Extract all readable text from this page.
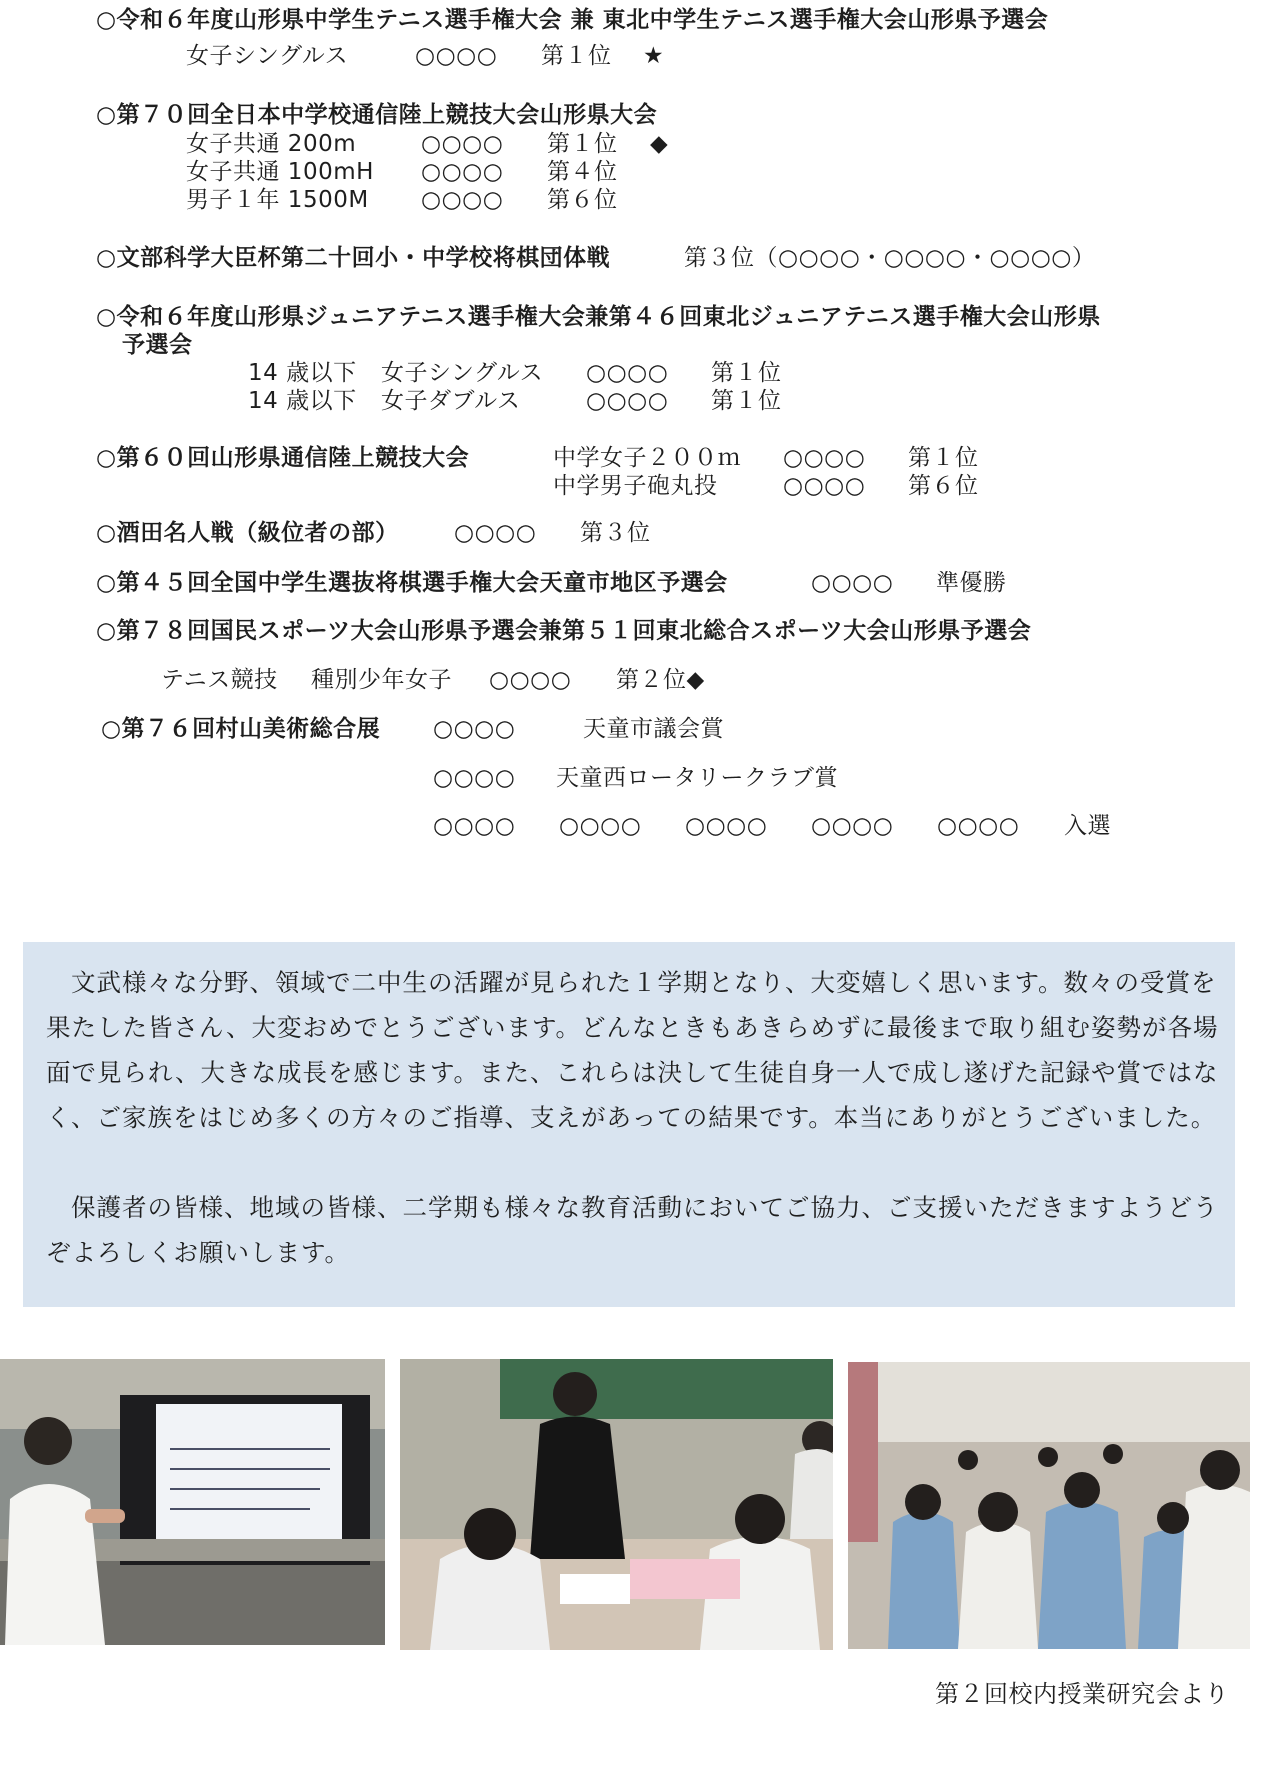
○令和６年度山形県中学生テニス選手権大会 兼 東北中学生テニス選手権大会山形県予選会
女子シングルス	○○○○ 第１位 ★
○第７０回全日本中学校通信陸上競技大会山形県大会
女子共通 200m	○○○○ 第１位 ◆
女子共通 100mH ○○○○ 第４位
男子１年 1500M ○○○○ 第６位
○文部科学大臣杯第二十回小・中学校将棋団体戦	第３位（○○○○・○○○○・○○○○）
○令和６年度山形県ジュニアテニス選手権大会兼第４６回東北ジュニアテニス選手権大会山形県
予選会
14 歳以下 女子シングルス ○○○○ 第１位
14 歳以下 女子ダブルス	○○○○ 第１位
○第６０回山形県通信陸上競技大会	中学女子２００ｍ ○○○○ 第１位
中学男子砲丸投	○○○○ 第６位
○酒田名人戦（級位者の部） ○○○○ 第３位
○第４５回全国中学生選抜将棋選手権大会天童市地区予選会	○○○○ 準優勝
○第７８回国民スポーツ大会山形県予選会兼第５１回東北総合スポーツ大会山形県予選会
テニス競技 種別少年女子 ○○○○ 第２位◆
○第７６回村山美術総合展 ○○○○	天童市議会賞
○○○○ 天童西ロータリークラブ賞
○○○○ ○○○○ ○○○○ ○○○○ ○○○○ 入選

文武様々な分野、領域で二中生の活躍が見られた１学期となり、大変嬉しく思います。数々の受賞を果たした皆さん、大変おめでとうございます。どんなときもあきらめずに最後まで取り組む姿勢が各場面で見られ、大きな成長を感じます。また、これらは決して生徒自身一人で成し遂げた記録や賞ではなく、ご家族をはじめ多くの方々のご指導、支えがあっての結果です。本当にありがとうございました。

保護者の皆様、地域の皆様、二学期も様々な教育活動においてご協力、ご支援いただきますようどうぞよろしくお願いします。

第２回校内授業研究会より
